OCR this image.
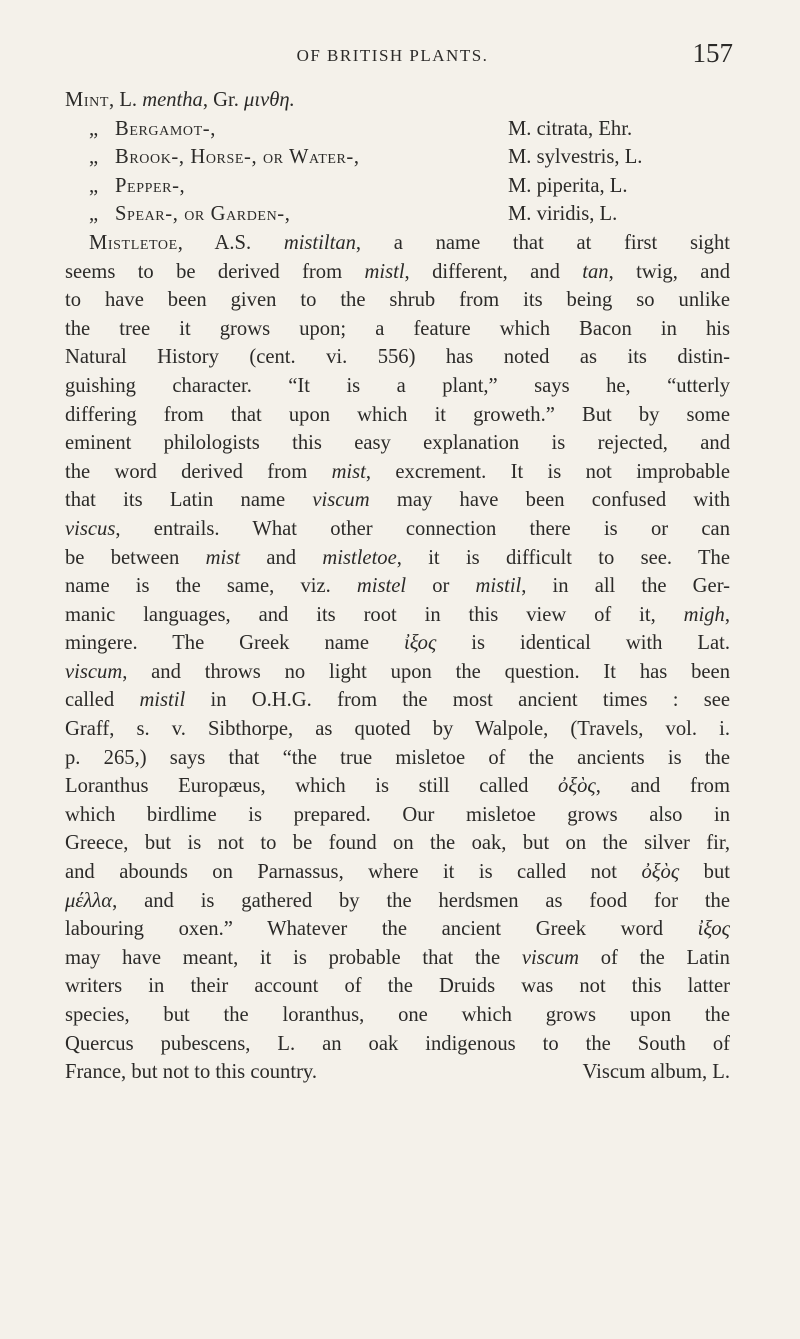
OF BRITISH PLANTS.	157
Mint, L. mentha, Gr. μινθη.
„ Bergamot-,	M. citrata, Ehr.
„ Brook-, Horse-, or Water-,	M. sylvestris, L.
„ Pepper-,	M. piperita, L.
„ Spear-, or Garden-,	M. viridis, L.
Mistletoe, A.S. mistiltan, a name that at first sight
seems to be derived from mistl, different, and tan, twig, and
to have been given to the shrub from its being so unlike
the tree it grows upon; a feature which Bacon in his
Natural History (cent. vi. 556) has noted as its distin-
guishing character. “It is a plant,” says he, “utterly
differing from that upon which it groweth.” But by some
eminent philologists this easy explanation is rejected, and
the word derived from mist, excrement. It is not improbable
that its Latin name viscum may have been confused with
viscus, entrails. What other connection there is or can
be between mist and mistletoe, it is difficult to see. The
name is the same, viz. mistel or mistil, in all the Ger-
manic languages, and its root in this view of it, migh,
mingere. The Greek name ἰξος is identical with Lat.
viscum, and throws no light upon the question. It has been
called mistil in O.H.G. from the most ancient times : see
Graff, s. v. Sibthorpe, as quoted by Walpole, (Travels, vol. i.
p. 265,) says that “the true misletoe of the ancients is the
Loranthus Europæus, which is still called ὀξὸς, and from
which birdlime is prepared. Our misletoe grows also in
Greece, but is not to be found on the oak, but on the silver fir,
and abounds on Parnassus, where it is called not ὀξὸς but
μέλλα, and is gathered by the herdsmen as food for the
labouring oxen.” Whatever the ancient Greek word ἰξος
may have meant, it is probable that the viscum of the Latin
writers in their account of the Druids was not this latter
species, but the loranthus, one which grows upon the
Quercus pubescens, L. an oak indigenous to the South of
France, but not to this country.	Viscum album, L.
